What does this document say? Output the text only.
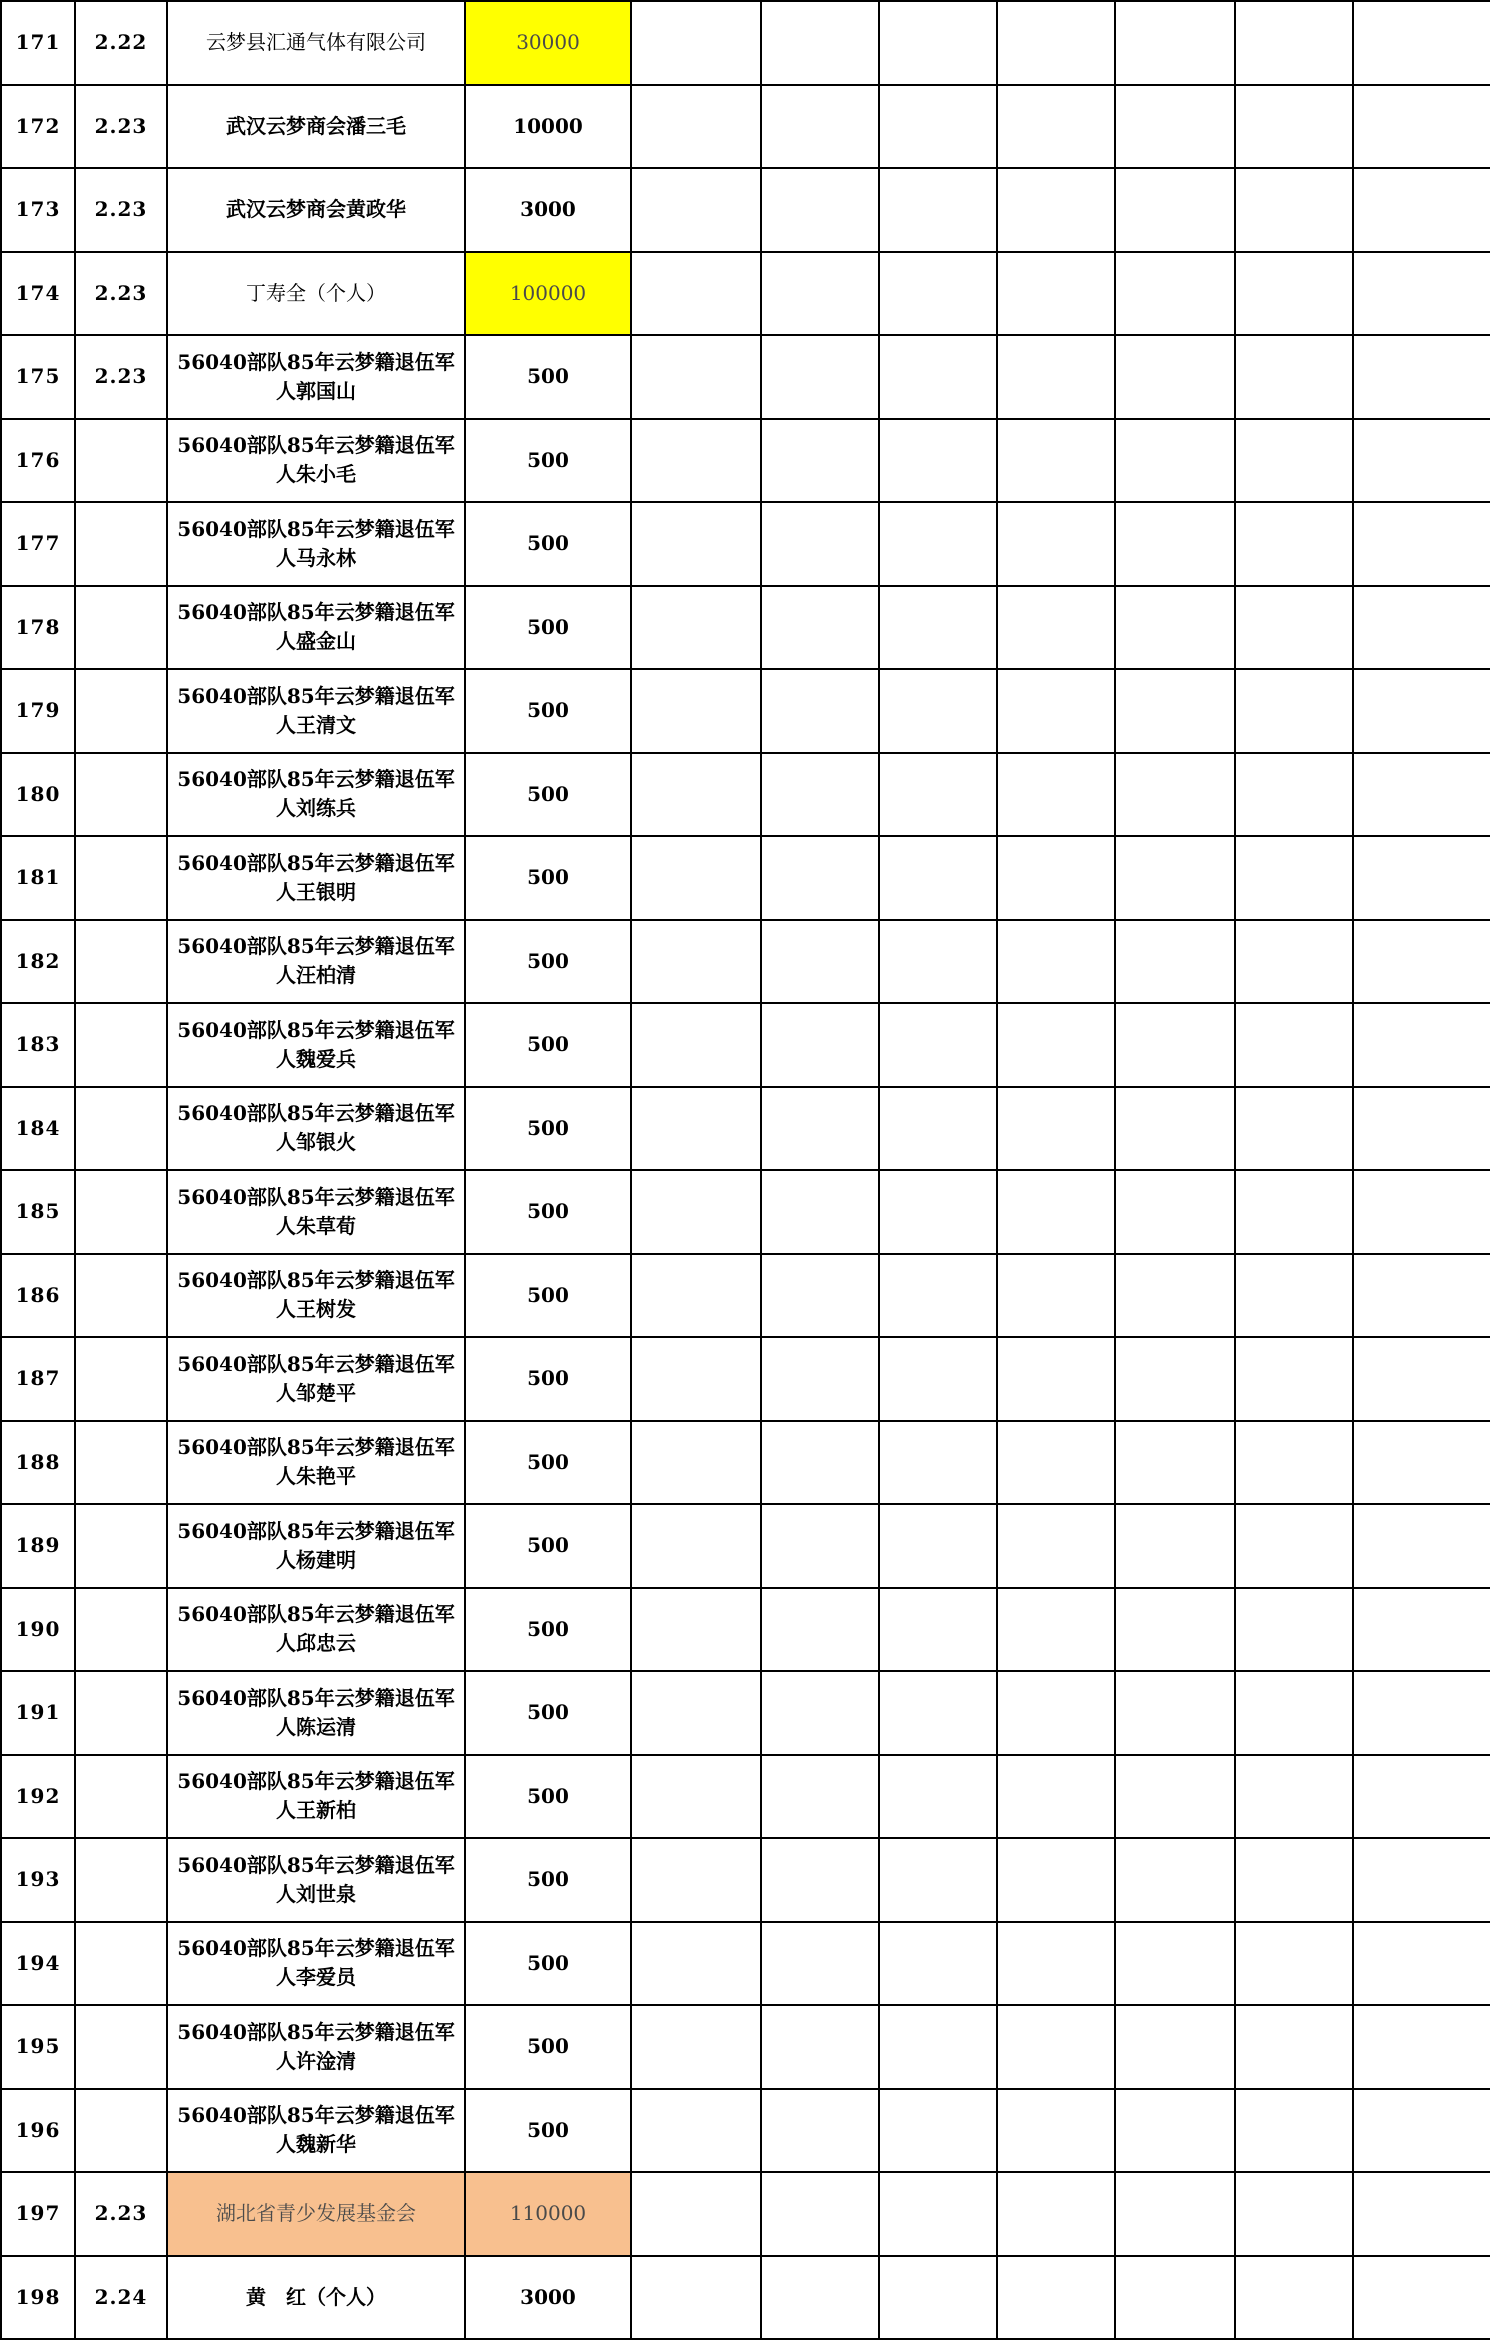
171	2.22	云梦县汇通气体有限公司	30000							
172	2.23	武汉云梦商会潘三毛	10000							
173	2.23	武汉云梦商会黄政华	3000							
174	2.23	丁寿全（个人）	100000							
175	2.23	56040部队85年云梦籍退伍军人郭国山	500							
176		56040部队85年云梦籍退伍军人朱小毛	500							
177		56040部队85年云梦籍退伍军人马永林	500							
178		56040部队85年云梦籍退伍军人盛金山	500							
179		56040部队85年云梦籍退伍军人王清文	500							
180		56040部队85年云梦籍退伍军人刘练兵	500							
181		56040部队85年云梦籍退伍军人王银明	500							
182		56040部队85年云梦籍退伍军人汪柏清	500							
183		56040部队85年云梦籍退伍军人魏爱兵	500							
184		56040部队85年云梦籍退伍军人邹银火	500							
185		56040部队85年云梦籍退伍军人朱草荀	500							
186		56040部队85年云梦籍退伍军人王树发	500							
187		56040部队85年云梦籍退伍军人邹楚平	500							
188		56040部队85年云梦籍退伍军人朱艳平	500							
189		56040部队85年云梦籍退伍军人杨建明	500							
190		56040部队85年云梦籍退伍军人邱忠云	500							
191		56040部队85年云梦籍退伍军人陈运清	500							
192		56040部队85年云梦籍退伍军人王新柏	500							
193		56040部队85年云梦籍退伍军人刘世泉	500							
194		56040部队85年云梦籍退伍军人李爱员	500							
195		56040部队85年云梦籍退伍军人许淦清	500							
196		56040部队85年云梦籍退伍军人魏新华	500							
197	2.23	湖北省青少发展基金会	110000							
198	2.24	黄　红（个人）	3000							
